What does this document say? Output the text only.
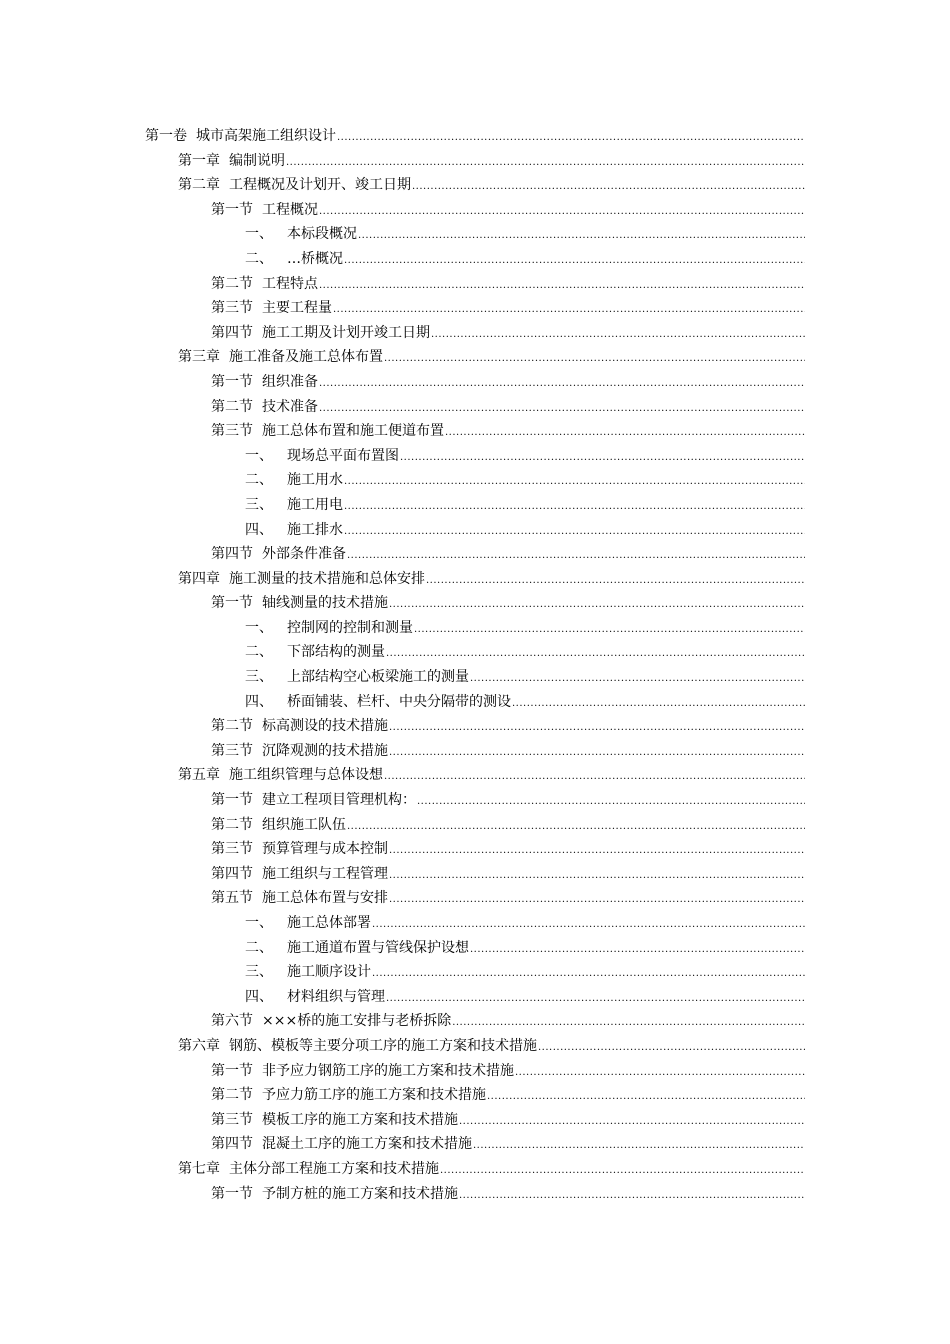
第一卷 城市高架施工组织设计
.....
第一章 编制说明
.....
第二章 工程概况及计划开、竣工日期
.....
第一节 工程概况
.....
一、	本标段概况
.....
二、	…桥概况
.....
第二节 工程特点
.....
第三节 主要工程量
.....
第四节 施工工期及计划开竣工日期
.....
第三章 施工准备及施工总体布置
.....
第一节 组织准备
.....
第二节 技术准备
.....
第三节 施工总体布置和施工便道布置
.....
一、	现场总平面布置图
.....
二、	施工用水
.....
三、	施工用电
.....
四、	施工排水
.....
第四节 外部条件准备
.....
第四章 施工测量的技术措施和总体安排
.....
第一节 轴线测量的技术措施
.....
一、	控制网的控制和测量
.....
二、	下部结构的测量
.....
三、	上部结构空心板梁施工的测量
.....
四、	桥面铺装、栏杆、中央分隔带的测设
.....
第二节 标高测设的技术措施
.....
第三节 沉降观测的技术措施
.....
第五章 施工组织管理与总体设想
.....
第一节 建立工程项目管理机构：
.....
第二节 组织施工队伍
.....
第三节 预算管理与成本控制
.....
第四节 施工组织与工程管理
.....
第五节 施工总体布置与安排
.....
一、	施工总体部署
.....
二、	施工通道布置与管线保护设想
.....
三、	施工顺序设计
.....
四、	材料组织与管理
.....
第六节 ×××桥的施工安排与老桥拆除
.....
第六章 钢筋、模板等主要分项工序的施工方案和技术措施
.....
第一节 非予应力钢筋工序的施工方案和技术措施
.....
第二节 予应力筋工序的施工方案和技术措施
.....
第三节 模板工序的施工方案和技术措施
.....
第四节 混凝土工序的施工方案和技术措施
.....
第七章 主体分部工程施工方案和技术措施
.....
第一节 予制方桩的施工方案和技术措施
.....
